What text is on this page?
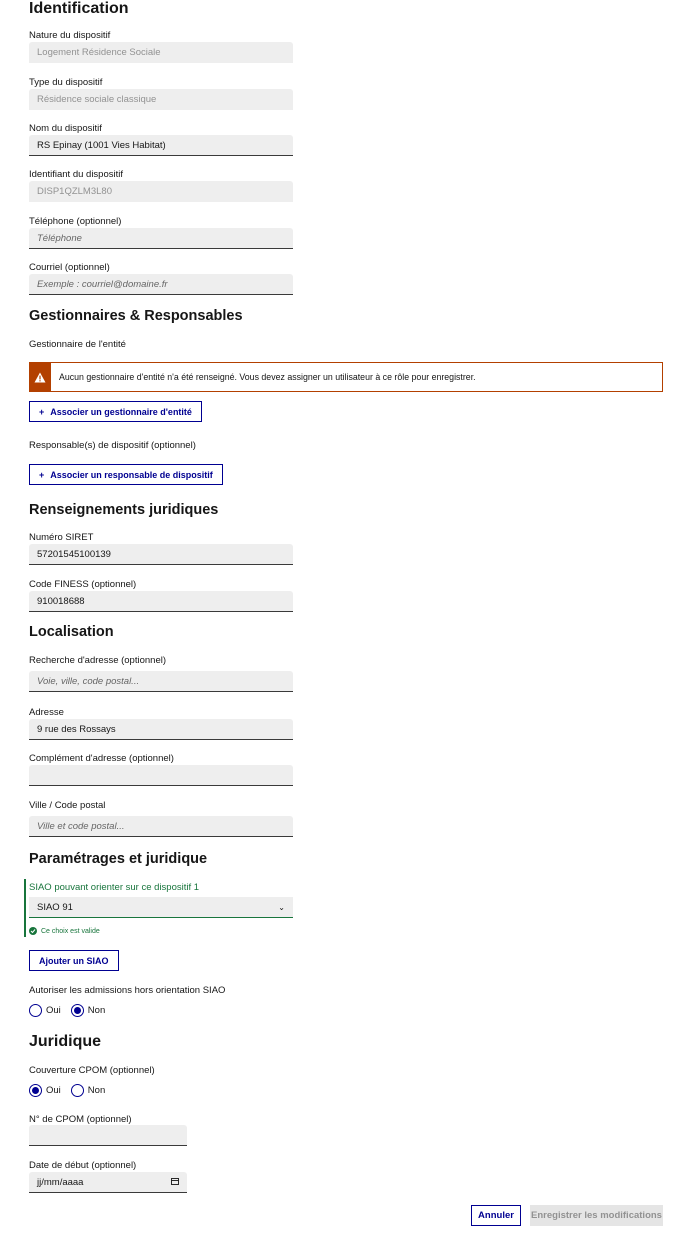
Identification
Nature du dispositif
Logement Résidence Sociale
Type du dispositif
Résidence sociale classique
Nom du dispositif
RS Epinay (1001 Vies Habitat)
Identifiant du dispositif
DISP1QZLM3L80
Téléphone (optionnel)
Téléphone
Courriel (optionnel)
Exemple : courriel@domaine.fr
Gestionnaires & Responsables
Gestionnaire de l'entité
Aucun gestionnaire d'entité n'a été renseigné. Vous devez assigner un utilisateur à ce rôle pour enregistrer.
+ Associer un gestionnaire d'entité
Responsable(s) de dispositif (optionnel)
+ Associer un responsable de dispositif
Renseignements juridiques
Numéro SIRET
57201545100139
Code FINESS (optionnel)
910018688
Localisation
Recherche d'adresse (optionnel)
Voie, ville, code postal...
Adresse
9 rue des Rossays
Complément d'adresse (optionnel)
Ville / Code postal
Ville et code postal...
Paramétrages et juridique
SIAO pouvant orienter sur ce dispositif 1
SIAO 91	⌄
Ce choix est valide
Ajouter un SIAO
Autoriser les admissions hors orientation SIAO
Oui	Non
Juridique
Couverture CPOM (optionnel)
Oui	Non
N° de CPOM (optionnel)
Date de début (optionnel)
jj/mm/aaaa
Annuler	Enregistrer les modifications
